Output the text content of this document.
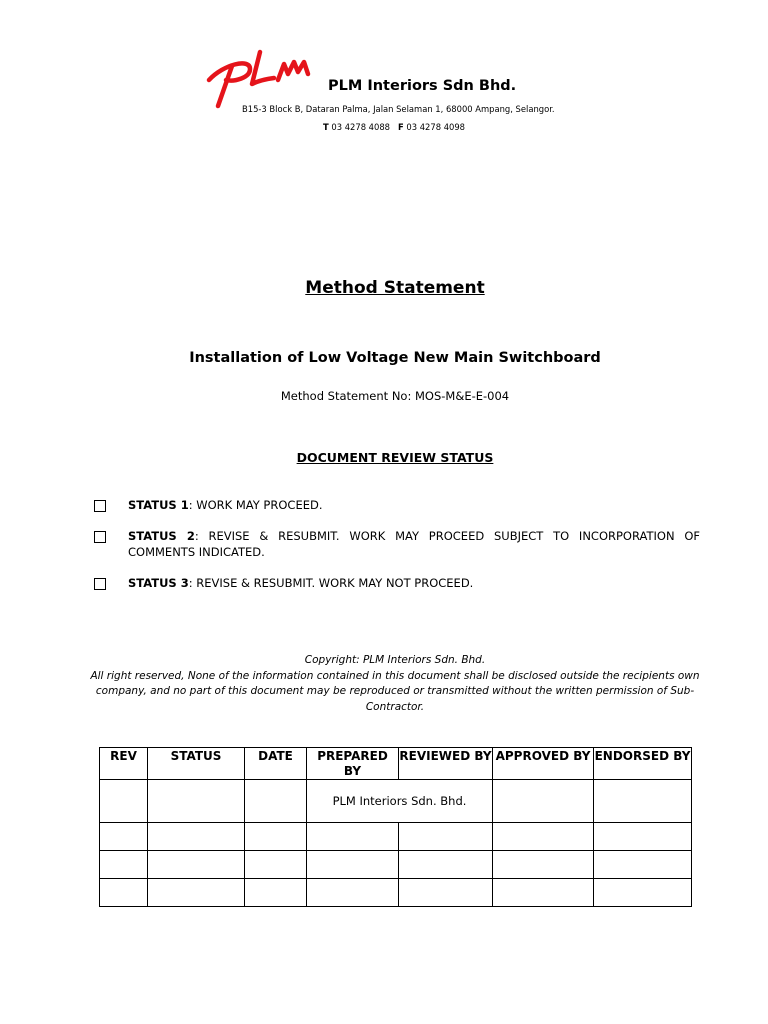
PLM Interiors Sdn Bhd.
B15-3 Block B, Dataran Palma, Jalan Selaman 1, 68000 Ampang, Selangor.
T 03 4278 4088 F 03 4278 4098
Method Statement
Installation of Low Voltage New Main Switchboard
Method Statement No: MOS-M&E-E-004
DOCUMENT REVIEW STATUS
STATUS 1: WORK MAY PROCEED.
STATUS 2: REVISE & RESUBMIT. WORK MAY PROCEED SUBJECT TO INCORPORATION OF COMMENTS INDICATED.
STATUS 3: REVISE & RESUBMIT. WORK MAY NOT PROCEED.
Copyright: PLM Interiors Sdn. Bhd.
All right reserved, None of the information contained in this document shall be disclosed outside the recipients own company, and no part of this document may be reproduced or transmitted without the written permission of Sub-Contractor.
REV	STATUS	DATE	PREPARED BY	REVIEWED BY	APPROVED BY	ENDORSED BY
			PLM Interiors Sdn. Bhd.			
